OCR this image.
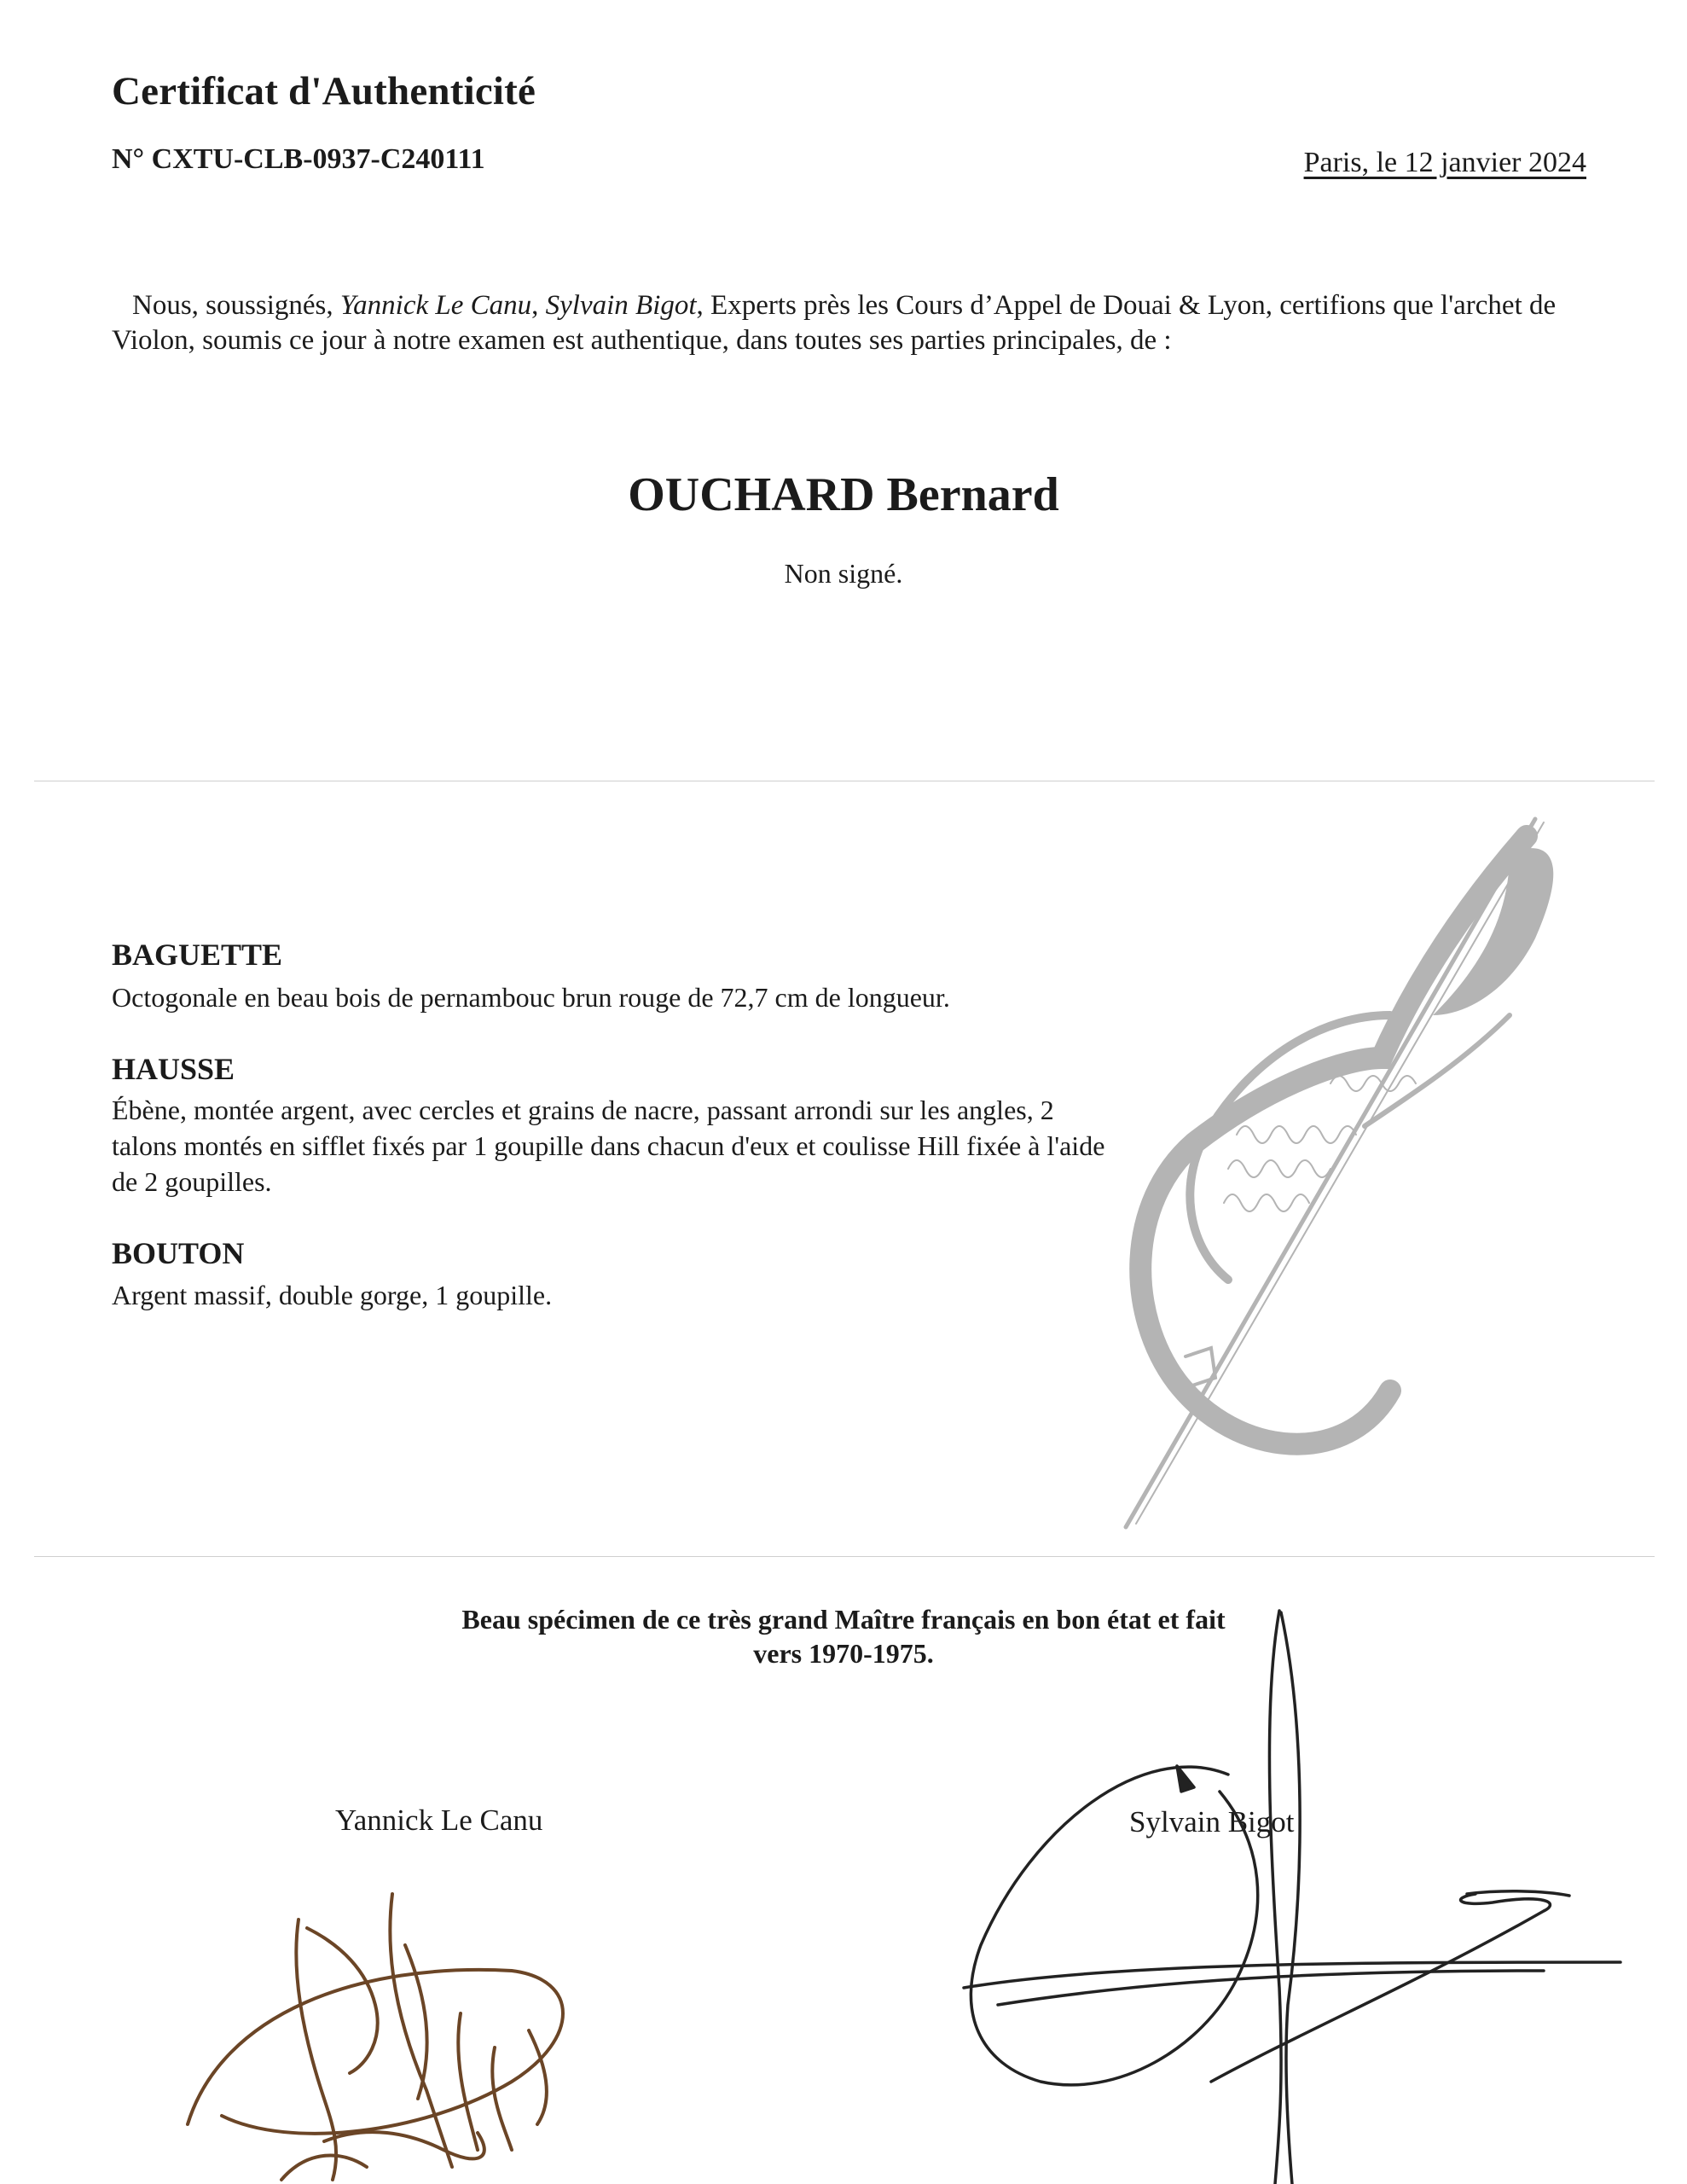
Certificat d'Authenticité
N° CXTU-CLB-0937-C240111	Paris, le 12 janvier 2024
Nous, soussignés, Yannick Le Canu, Sylvain Bigot, Experts près les Cours d’Appel de Douai & Lyon, certifions que l'archet de Violon, soumis ce jour à notre examen est authentique, dans toutes ses parties principales, de :
OUCHARD Bernard
Non signé.
BAGUETTE
Octogonale en beau bois de pernambouc brun rouge de 72,7 cm de longueur.
HAUSSE
Ébène, montée argent, avec cercles et grains de nacre, passant arrondi sur les angles, 2 talons montés en sifflet fixés par 1 goupille dans chacun d'eux et coulisse Hill fixée à l'aide de 2 goupilles.
BOUTON
Argent massif, double gorge, 1 goupille.
Beau spécimen de ce très grand Maître français en bon état et fait
vers 1970-1975.
Yannick Le Canu	Sylvain Bigot
